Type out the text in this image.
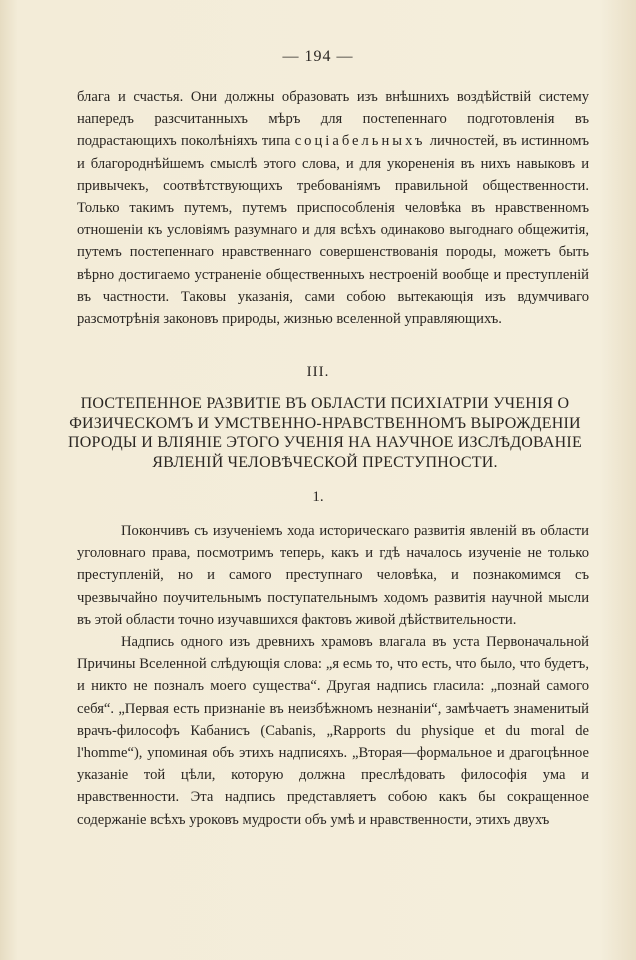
— 194 —

блага и счастья. Они должны образовать изъ внѣшнихъ воздѣйствій систему напередъ разсчитанныхъ мѣръ для постепеннаго подготовленія въ подрастающихъ поколѣніяхъ типа соціабельныхъ личностей, въ истинномъ и благороднѣйшемъ смыслѣ этого слова, и для укорененія въ нихъ навыковъ и привычекъ, соотвѣтствующихъ требованіямъ правильной общественности. Только такимъ путемъ, путемъ приспособленія человѣка въ нравственномъ отношеніи къ условіямъ разумнаго и для всѣхъ одинаково выгоднаго общежитія, путемъ постепеннаго нравственнаго совершенствованія породы, можетъ быть вѣрно достигаемо устраненіе общественныхъ нестроеній вообще и преступленій въ частности. Таковы указанія, сами собою вытекающія изъ вдумчиваго разсмотрѣнія законовъ природы, жизнью вселенной управляющихъ.

III.
ПОСТЕПЕННОЕ РАЗВИТІЕ ВЪ ОБЛАСТИ ПСИХІАТРІИ УЧЕНІЯ О ФИЗИЧЕСКОМЪ И УМСТВЕННО-НРАВСТВЕННОМЪ ВЫРОЖДЕНІИ ПОРОДЫ И ВЛІЯНІЕ ЭТОГО УЧЕНІЯ НА НАУЧНОЕ ИЗСЛѢДОВАНІЕ ЯВЛЕНІЙ ЧЕЛОВѢЧЕСКОЙ ПРЕСТУПНОСТИ.
1.

Покончивъ съ изученіемъ хода историческаго развитія явленій въ области уголовнаго права, посмотримъ теперь, какъ и гдѣ началось изученіе не только преступленій, но и самого преступнаго человѣка, и познакомимся съ чрезвычайно поучительнымъ поступательнымъ ходомъ развитія научной мысли въ этой области точно изучавшихся фактовъ живой дѣйствительности.

Надпись одного изъ древнихъ храмовъ влагала въ уста Первоначальной Причины Вселенной слѣдующія слова: „я есмь то, что есть, что было, что будетъ, и никто не позналъ моего существа“. Другая надпись гласила: „познай самого себя“. „Первая есть признаніе въ неизбѣжномъ незнаніи“, замѣчаетъ знаменитый врачъ-философъ Кабанисъ (Cabanis, „Rapports du physique et du moral de l'homme“), упоминая объ этихъ надписяхъ. „Вторая—формальное и драгоцѣнное указаніе той цѣли, которую должна преслѣдовать философія ума и нравственности. Эта надпись представляетъ собою какъ бы сокращенное содержаніе всѣхъ уроковъ мудрости объ умѣ и нравственности, этихъ двухъ
